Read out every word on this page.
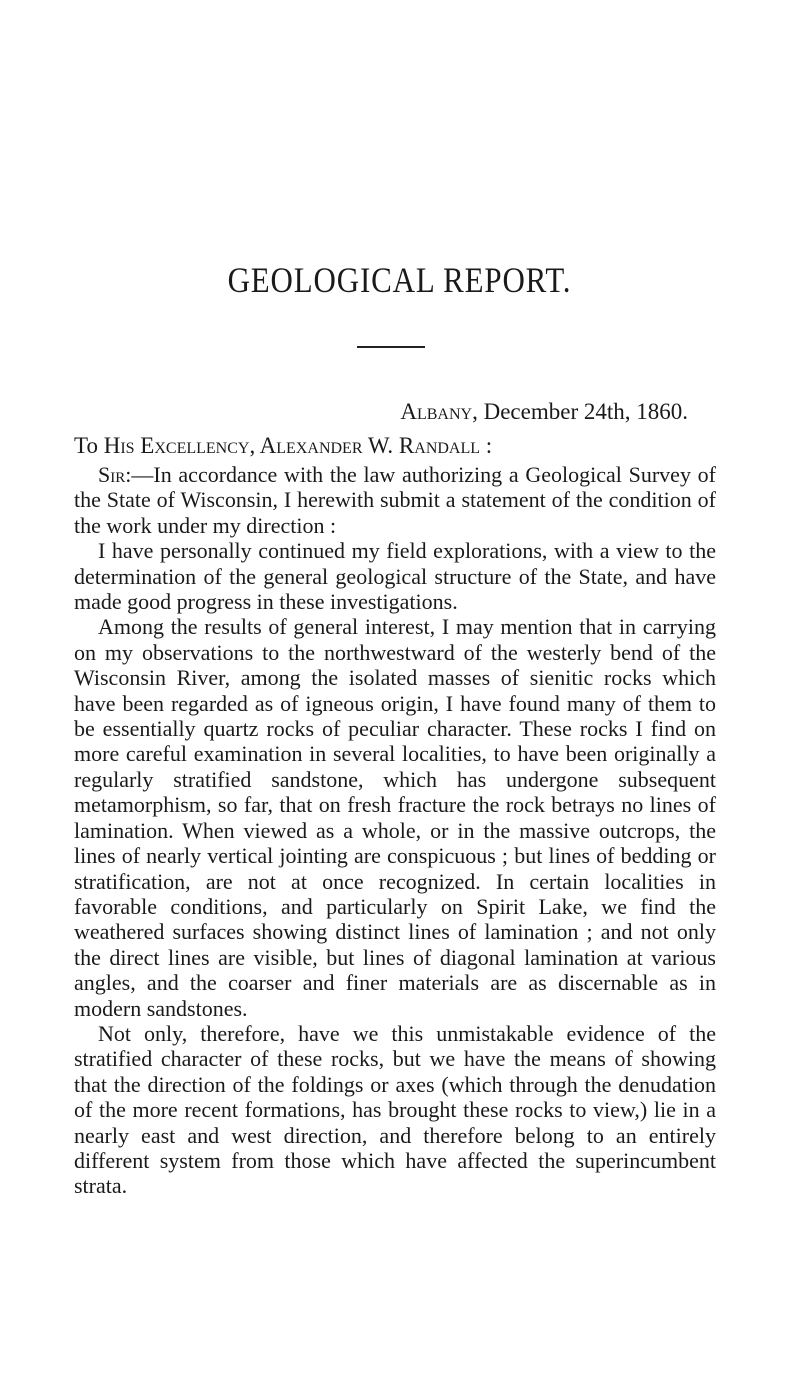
GEOLOGICAL REPORT.
Albany, December 24th, 1860.
To His Excellency, Alexander W. Randall :

Sir:—In accordance with the law authorizing a Geological Survey of the State of Wisconsin, I herewith submit a statement of the condition of the work under my direction :

I have personally continued my field explorations, with a view to the determination of the general geological structure of the State, and have made good progress in these investigations.

Among the results of general interest, I may mention that in carrying on my observations to the northwestward of the westerly bend of the Wisconsin River, among the isolated masses of sienitic rocks which have been regarded as of igneous origin, I have found many of them to be essentially quartz rocks of peculiar character. These rocks I find on more careful examination in several localities, to have been originally a regularly stratified sandstone, which has undergone subsequent metamorphism, so far, that on fresh fracture the rock betrays no lines of lamination. When viewed as a whole, or in the massive outcrops, the lines of nearly vertical jointing are conspicuous ; but lines of bedding or stratification, are not at once recognized. In certain localities in favorable conditions, and particularly on Spirit Lake, we find the weathered surfaces showing distinct lines of lamination ; and not only the direct lines are visible, but lines of diagonal lamination at various angles, and the coarser and finer materials are as discernable as in modern sandstones.

Not only, therefore, have we this unmistakable evidence of the stratified character of these rocks, but we have the means of showing that the direction of the foldings or axes (which through the denudation of the more recent formations, has brought these rocks to view,) lie in a nearly east and west direction, and therefore belong to an entirely different system from those which have affected the superincumbent strata.
